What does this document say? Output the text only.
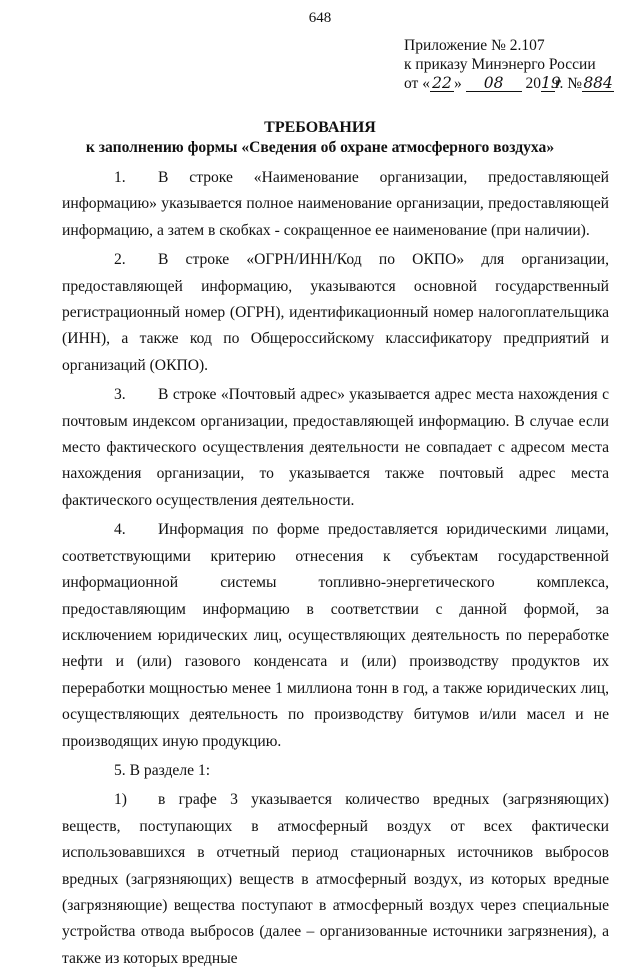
648
Приложение № 2.107
к приказу Минэнерго России
от « 22 » 08 2019г. №884
ТРЕБОВАНИЯ
к заполнению формы «Сведения об охране атмосферного воздуха»

1. В строке «Наименование организации, предоставляющей информацию» указывается полное наименование организации, предоставляющей информацию, а затем в скобках - сокращенное ее наименование (при наличии).

2. В строке «ОГРН/ИНН/Код по ОКПО» для организации, предоставляющей информацию, указываются основной государственный регистрационный номер (ОГРН), идентификационный номер налогоплательщика (ИНН), а также код по Общероссийскому классификатору предприятий и организаций (ОКПО).

3. В строке «Почтовый адрес» указывается адрес места нахождения с почтовым индексом организации, предоставляющей информацию. В случае если место фактического осуществления деятельности не совпадает с адресом места нахождения организации, то указывается также почтовый адрес места фактического осуществления деятельности.

4. Информация по форме предоставляется юридическими лицами, соответствующими критерию отнесения к субъектам государственной информационной системы топливно-энергетического комплекса, предоставляющим информацию в соответствии с данной формой, за исключением юридических лиц, осуществляющих деятельность по переработке нефти и (или) газового конденсата и (или) производству продуктов их переработки мощностью менее 1 миллиона тонн в год, а также юридических лиц, осуществляющих деятельность по производству битумов и/или масел и не производящих иную продукцию.

5. В разделе 1:

1) в графе 3 указывается количество вредных (загрязняющих) веществ, поступающих в атмосферный воздух от всех фактически использовавшихся в отчетный период стационарных источников выбросов вредных (загрязняющих) веществ в атмосферный воздух, из которых вредные (загрязняющие) вещества поступают в атмосферный воздух через специальные устройства отвода выбросов (далее – организованные источники загрязнения), а также из которых вредные
